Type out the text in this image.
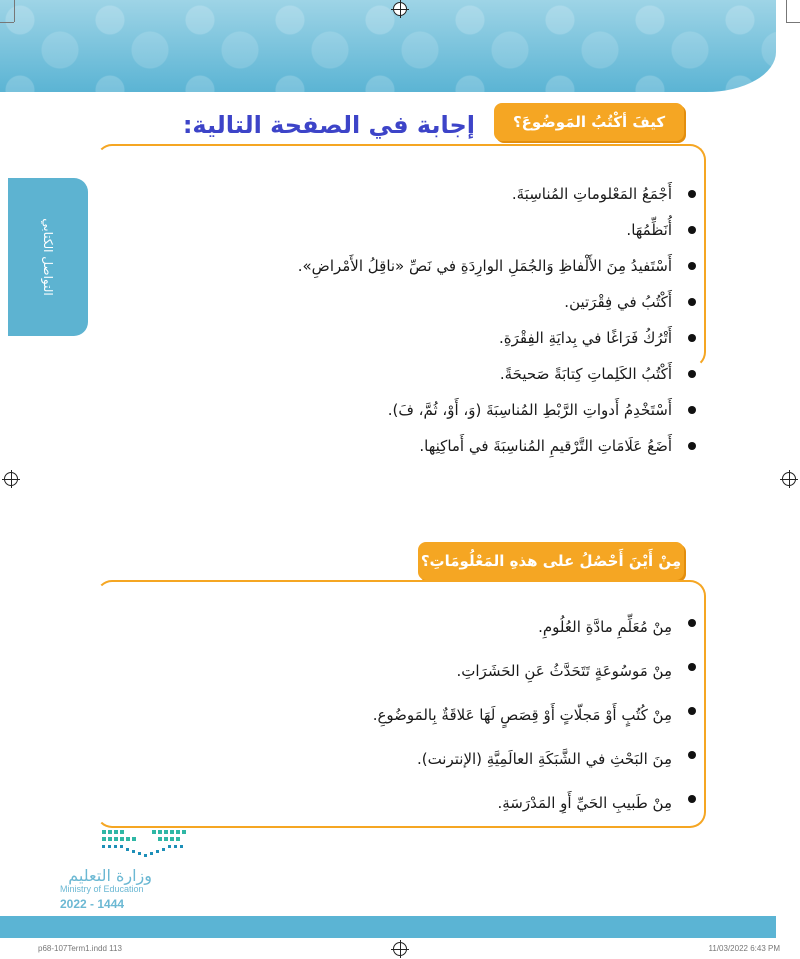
التواصل الكتابي
كيفَ أكْتُبُ المَوضُوعَ؟
إجابة في الصفحة التالية:
أَجْمَعُ المَعْلوماتِ المُناسِبَةَ.
أُنَظِّمُهَا.
أَسْتَفيدُ مِنَ الأَلْفاظِ وَالجُمَلِ الوارِدَةِ في نَصِّ «ناقِلُ الأَمْراضِ».
أَكْتُبُ في فِقْرَتين.
أَتْرُكُ فَرَاغًا في بِدايَةِ الفِقْرَةِ.
أَكْتُبُ الكَلِماتِ كِتابَةً صَحيحَةً.
أَسْتَخْدِمُ أَدواتِ الرَّبْطِ المُناسِبَةَ (وَ، أَوْ، ثُمَّ، فَ).
أَضَعُ عَلَامَاتِ التَّرْقيمِ المُناسِبَةَ في أَماكِنِها.
مِنْ أَيْنَ أَحْصُلُ على هذهِ المَعْلُومَاتِ؟
مِنْ مُعَلِّمِ مادَّةِ العُلُومِ.
مِنْ مَوسُوعَةٍ تَتَحَدَّثُ عَنِ الحَشَرَاتِ.
مِنْ كُتُبٍ أَوْ مَجلّاتٍ أَوْ قِصَصٍ لَهَا عَلاقَةٌ بِالمَوضُوعِ.
مِنَ البَحْثِ في الشَّبَكَةِ العالَمِيَّةِ (الإنترنت).
مِنْ طَبيبِ الحَيِّ أَوِ المَدْرَسَةِ.
وزارة التعليم
Ministry of Education
2022 - 1444
p68-107Term1.indd 113	11/03/2022 6:43 PM
